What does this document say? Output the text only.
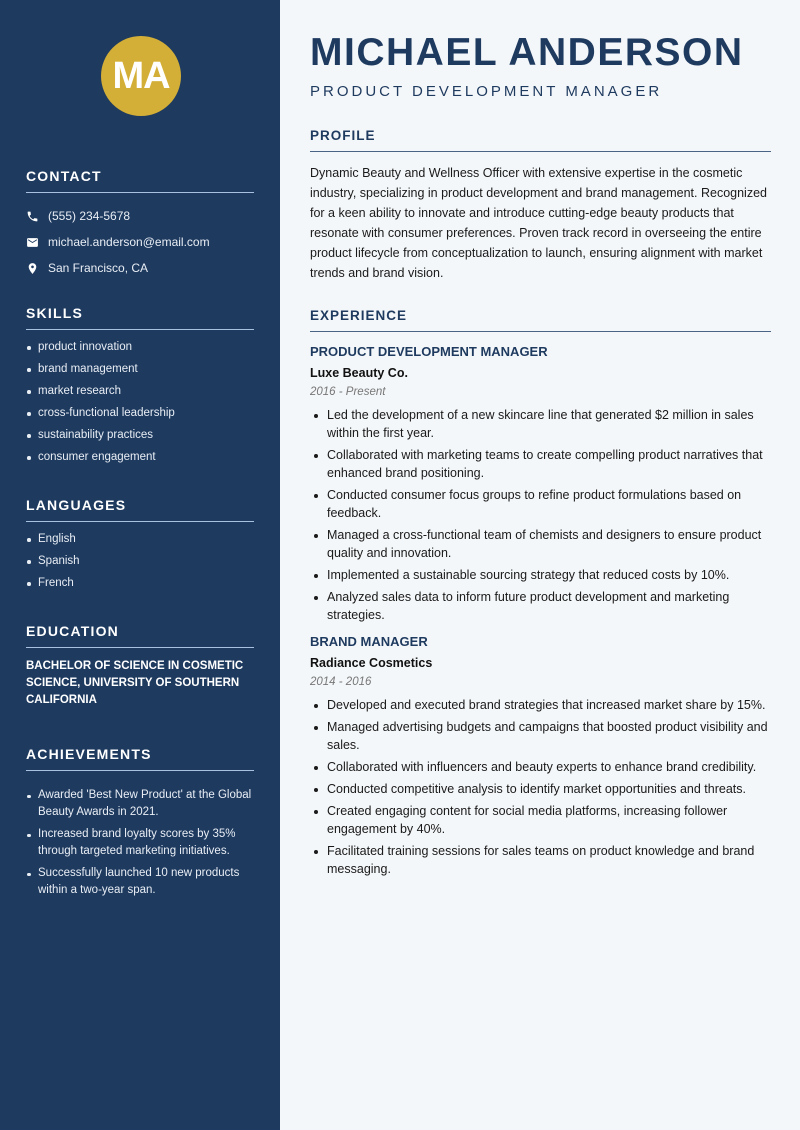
MA
CONTACT
(555) 234-5678
michael.anderson@email.com
San Francisco, CA
SKILLS
product innovation
brand management
market research
cross-functional leadership
sustainability practices
consumer engagement
LANGUAGES
English
Spanish
French
EDUCATION

BACHELOR OF SCIENCE IN COSMETIC SCIENCE, UNIVERSITY OF SOUTHERN CALIFORNIA

ACHIEVEMENTS
Awarded 'Best New Product' at the Global Beauty Awards in 2021.
Increased brand loyalty scores by 35% through targeted marketing initiatives.
Successfully launched 10 new products within a two-year span.
MICHAEL ANDERSON
PRODUCT DEVELOPMENT MANAGER
PROFILE

Dynamic Beauty and Wellness Officer with extensive expertise in the cosmetic industry, specializing in product development and brand management. Recognized for a keen ability to innovate and introduce cutting-edge beauty products that resonate with consumer preferences. Proven track record in overseeing the entire product lifecycle from conceptualization to launch, ensuring alignment with market trends and brand vision.

EXPERIENCE
PRODUCT DEVELOPMENT MANAGER
Luxe Beauty Co.
2016 - Present
Led the development of a new skincare line that generated $2 million in sales within the first year.
Collaborated with marketing teams to create compelling product narratives that enhanced brand positioning.
Conducted consumer focus groups to refine product formulations based on feedback.
Managed a cross-functional team of chemists and designers to ensure product quality and innovation.
Implemented a sustainable sourcing strategy that reduced costs by 10%.
Analyzed sales data to inform future product development and marketing strategies.
BRAND MANAGER
Radiance Cosmetics
2014 - 2016
Developed and executed brand strategies that increased market share by 15%.
Managed advertising budgets and campaigns that boosted product visibility and sales.
Collaborated with influencers and beauty experts to enhance brand credibility.
Conducted competitive analysis to identify market opportunities and threats.
Created engaging content for social media platforms, increasing follower engagement by 40%.
Facilitated training sessions for sales teams on product knowledge and brand messaging.
